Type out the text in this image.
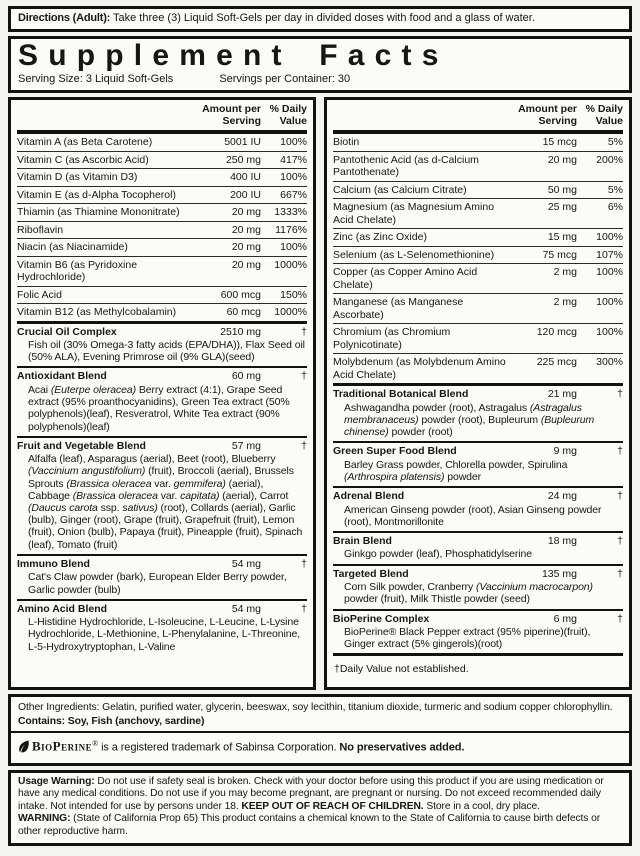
Directions (Adult): Take three (3) Liquid Soft-Gels per day in divided doses with food and a glass of water.
Supplement Facts
Serving Size: 3 Liquid Soft-Gels	Servings per Container: 30
Amount per Serving
% Daily Value
Vitamin A (as Beta Carotene)	5001 IU	100%
Vitamin C (as Ascorbic Acid)	250 mg	417%
Vitamin D (as Vitamin D3)	400 IU	100%
Vitamin E (as d-Alpha Tocopherol)	200 IU	667%
Thiamin (as Thiamine Mononitrate)	20 mg	1333%
Riboflavin	20 mg	1176%
Niacin (as Niacinamide)	20 mg	100%
Vitamin B6 (as Pyridoxine Hydrochloride)
20 mg	1000%
Folic Acid	600 mcg	150%
Vitamin B12 (as Methylcobalamin)	60 mcg	1000%
Crucial Oil Complex	2510 mg	†
Fish oil (30% Omega-3 fatty acids (EPA/DHA)), Flax Seed oil (50% ALA), Evening Primrose oil (9% GLA)(seed)
Antioxidant Blend	60 mg	†
Acai (Euterpe oleracea) Berry extract (4:1), Grape Seed extract (95% proanthocyanidins), Green Tea extract (50% polyphenols)(leaf), Resveratrol, White Tea extract (90% polyphenols)(leaf)
Fruit and Vegetable Blend	57 mg	†
Alfalfa (leaf), Asparagus (aerial), Beet (root), Blueberry (Vaccinium angustifolium) (fruit), Broccoli (aerial), Brussels Sprouts (Brassica oleracea var. gemmifera) (aerial), Cabbage (Brassica oleracea var. capitata) (aerial), Carrot (Daucus carota ssp. sativus) (root), Collards (aerial), Garlic (bulb), Ginger (root), Grape (fruit), Grapefruit (fruit), Lemon (fruit), Onion (bulb), Papaya (fruit), Pineapple (fruit), Spinach (leaf), Tomato (fruit)
Immuno Blend	54 mg	†
Cat's Claw powder (bark), European Elder Berry powder, Garlic powder (bulb)
Amino Acid Blend	54 mg	†
L-Histidine Hydrochloride, L-Isoleucine, L-Leucine, L-Lysine Hydrochloride, L-Methionine, L-Phenylalanine, L-Threonine, L-5-Hydroxytryptophan, L-Valine
Amount per Serving
% Daily Value
Biotin	15 mcg	5%
Pantothenic Acid (as d-Calcium Pantothenate)
20 mg	200%
Calcium (as Calcium Citrate)	50 mg	5%
Magnesium (as Magnesium Amino Acid Chelate)
25 mg	6%
Zinc (as Zinc Oxide)	15 mg	100%
Selenium (as L-Selenomethionine)	75 mcg	107%
Copper (as Copper Amino Acid Chelate)
2 mg	100%
Manganese (as Manganese Ascorbate)
2 mg	100%
Chromium (as Chromium Polynicotinate)
120 mcg	100%
Molybdenum (as Molybdenum Amino Acid Chelate)
225 mcg	300%
Traditional Botanical Blend	21 mg	†
Ashwagandha powder (root), Astragalus (Astragalus membranaceus) powder (root), Bupleurum (Bupleurum chinense) powder (root)
Green Super Food Blend	9 mg	†
Barley Grass powder, Chlorella powder, Spirulina (Arthrospira platensis) powder
Adrenal Blend	24 mg	†
American Ginseng powder (root), Asian Ginseng powder (root), Montmorillonite
Brain Blend	18 mg	†
Ginkgo powder (leaf), Phosphatidylserine
Targeted Blend	135 mg	†
Corn Silk powder, Cranberry (Vaccinium macrocarpon) powder (fruit), Milk Thistle powder (seed)
BioPerine Complex	6 mg	†
BioPerine® Black Pepper extract (95% piperine)(fruit), Ginger extract (5% gingerols)(root)
†Daily Value not established.
Other Ingredients: Gelatin, purified water, glycerin, beeswax, soy lecithin, titanium dioxide, turmeric and sodium copper chlorophyllin.
Contains: Soy, Fish (anchovy, sardine)
BioPerine® is a registered trademark of Sabinsa Corporation. No preservatives added.
Usage Warning: Do not use if safety seal is broken. Check with your doctor before using this product if you are using medication or have any medical conditions. Do not use if you may become pregnant, are pregnant or nursing. Do not exceed recommended daily intake. Not intended for use by persons under 18. KEEP OUT OF REACH OF CHILDREN. Store in a cool, dry place.
WARNING: (State of California Prop 65) This product contains a chemical known to the State of California to cause birth defects or other reproductive harm.
